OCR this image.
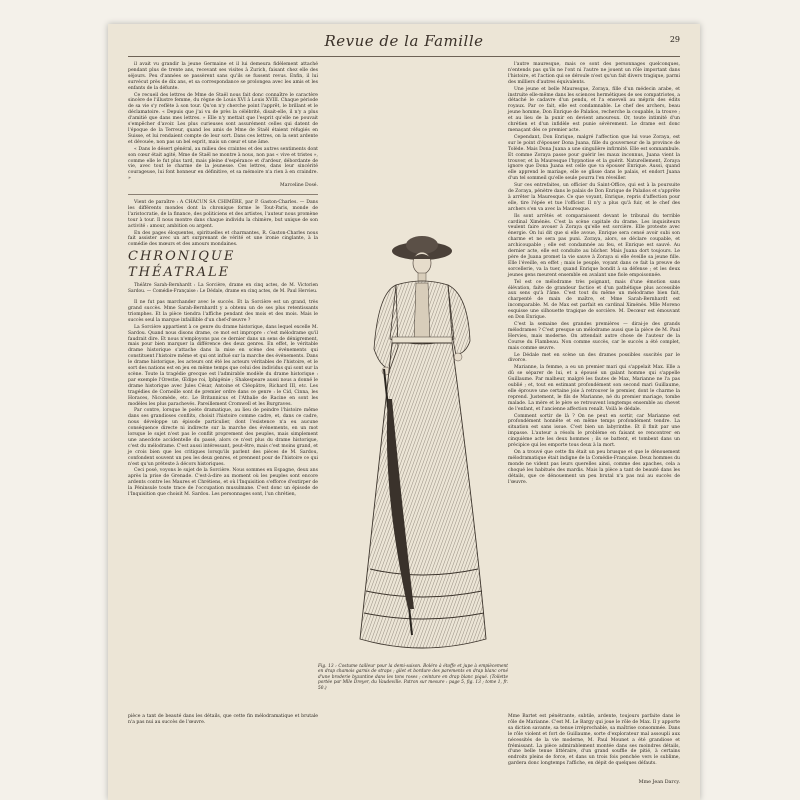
Revue de la Famille	29

il avait vu grandir la jeune Germaine et il lui demeura fidèlement attaché pendant plus de trente ans, recevant ses visites à Zurich, faisant chez elle des séjours. Peu d'années se passèrent sans qu'ils se fussent revus. Enfin, il lui survécut près de dix ans, et sa correspondance se prolongea avec les amis et les enfants de la défunte.

Ce recueil des lettres de Mme de Staël nous fait donc connaître le caractère sincère de l'illustre femme, du règne de Louis XVI à Louis XVIII. Chaque période de sa vie s'y reflète à son tour. Qu'on n'y cherche point l'apprêt, le brillant et le déclamatoire. « Depuis que j'ai vu de près la célébrité, disait-elle, il n'y a plus d'amitié que dans mes lettres. » Elle n'y mettait que l'esprit qu'elle ne pouvait s'empêcher d'avoir. Les plus curieuses sont assurément celles qui datent de l'époque de la Terreur, quand les amis de Mme de Staël étaient réfugiés en Suisse, et lui rendaient compte de leur sort. Dans ces lettres, on la sent ardente et dévouée, non pas un bel esprit, mais un cœur et une âme.

« Dans le désert général, au milieu des craintes et des autres sentiments dont son cœur était agité, Mme de Staël ne montre à nous, non pas « vive et tristes », comme elle le fut plus tard, mais pleine d'espérance et d'ardeur, débordante de vie, avec tout le charme de la jeunesse. Ces lettres, dans leur sincérité courageuse, lui font honneur en définitive, et sa mémoire n'a rien à en craindre. »

Marceline Dosé.

Vient de paraître : A CHACUN SA CHIMÈRE, par P. Gaston-Charles. — Dans les différents mondes dont la chronique forme le Tout-Paris, monde de l'aristocratie, de la finance, des politiciens et des artistes, l'auteur nous promène tour à tour. Il nous montre dans chaque individu la chimère, but unique de son activité : amour, ambition ou argent.

En des pages éloquentes, spirituelles et charmantes, R. Gaston-Charles nous fait assister avec un art surprenant de vérité et une ironie cinglante, à la comédie des mœurs et des amours mondaines.

CHRONIQUE THÉATRALE

Théâtre Sarah-Bernhardt : La Sorcière, drame en cinq actes, de M. Victorien Sardou. — Comédie-Française : Le Dédale, drame en cinq actes, de M. Paul Hervieu.

Il ne fut pas marchander avec le succès. Et la Sorcière est un grand, très grand succès. Mme Sarah-Bernhardt y a obtenu un de ses plus retentissants triomphes. Et la pièce tiendra l'affiche pendant des mois et des mois. Mais le succès seul la marque infaillible d'un chef-d'œuvre ?

La Sorcière appartient à ce genre du drame historique, dans lequel excelle M. Sardou. Quand nous disons drame, ce mot est impropre : c'est mélodrame qu'il faudrait dire. Et nous n'employons pas ce dernier dans un sens de dénigrement, mais pour bien marquer la différence des deux genres. En effet, le véritable drame historique s'attache dans la mise en scène des événements qui constituent l'histoire même et qui ont influé sur la marche des événements. Dans le drame historique, les acteurs ont été les acteurs véritables de l'histoire, et le sort des nations est en jeu en même temps que celui des individus qui sont sur la scène. Toute la tragédie grecque est l'admirable modèle du drame historique : par exemple l'Orestie, Œdipe roi, Iphigénie ; Shakespeare aussi nous a donné le drame historique avec Jules César, Antoine et Cléopâtre, Richard III, etc. Les tragédies de Corneille sont de premier ordre dans ce genre : le Cid, Cinna, les Horaces, Nicomède, etc. Le Britannicus et l'Athalie de Racine en sont les modèles les plus parachevés. Pareillement Cromwell et les Burgraves.

Par contre, lorsque le poète dramatique, au lieu de peindre l'histoire même dans ses grandioses conflits, choisit l'histoire comme cadre, et, dans ce cadre, nous développe un épisode particulier, dont l'existence n'a eu aucune conséquence directe ni indirecte sur la marche des événements, en un mot lorsque le sujet n'est pas le conflit proprement des peuples, mais simplement une anecdote accidentelle du passé, alors ce n'est plus du drame historique, c'est du mélodrame. C'est aussi intéressant, peut-être, mais c'est moins grand, et je crois bien que les critiques lorsqu'ils parlent des pièces de M. Sardou, confondent souvent un peu les deux genres, et prennent pour de l'histoire ce qui n'est qu'un prétexte à décors historiques.

Ceci posé, voyons le sujet de la Sorcière. Nous sommes en Espagne, deux ans après la prise de Grenade. C'est-à-dire au moment où les peuples sont encore ardents contre les Maures et Chrétiens, et où l'Inquisition s'efforce d'extirper de la Péninsule toute trace de l'occupation musulmane. C'est donc un épisode de l'Inquisition que choisit M. Sardou. Les personnages sont, l'un chrétien,

l'autre mauresque, mais ce sont des personnages quelconques, n'entends pas qu'ils ne l'ont ni l'autre ne jouent un rôle important dans l'histoire, et l'action qui se déroule n'est qu'un fait divers tragique, parmi des milliers d'autres équivalents.

Une jeune et belle Mauresque, Zoraya, fille d'un médecin arabe, et instruite elle-même dans les sciences hermétiques de ses compatriotes, a détaché le cadavre d'un pendu, et l'a enseveli au mépris des édits royaux. Par ce fait, elle est condamnable. Le chef des archers, beau jeune homme, Don Enrique de Palaños, recherche la coupable, la trouve ; et au lieu de la punir en devient amoureux. Or, toute intimité d'un chrétien et d'un infidèle est punie sévèrement. Le drame est donc menaçant dès ce premier acte.

Cependant, Don Enrique, malgré l'affection que lui voue Zoraya, est sur le point d'épouser Dona Juana, fille du gouverneur de la province de Tolède. Mais Dona Juana a une singulière infirmité. Elle est somnambule. Et comme Zoraya passe pour guérir les maux inconnus, Juana vient la trouver, et la Mauresque l'hypnotise et la guérit. Naturellement, Zoraya ignore que Dona Juana est celle que va épouser Enrique. Aussi, quand elle apprend le mariage, elle se glisse dans le palais, et endort Juana d'un tel sommeil qu'elle seule pourra l'en réveiller.

Sur ces entrefaites, un officier du Saint-Office, qui est à la poursuite de Zoraya, pénètre dans le palais de Don Enrique de Palaños et s'apprête à arrêter la Mauresque. Ce que voyant, Enrique, repris d'affection pour elle, tire l'épée et tue l'officier. Il n'y a plus qu'à fuir, et le chef des archers s'en va avec la Mauresque.

Ils sont arrêtés et comparaissent devant le tribunal du terrible cardinal Ximénès. C'est la scène capitale du drame. Les inquisiteurs veulent faire avouer à Zoraya qu'elle est sorcière. Elle proteste avec énergie. On lui dit que si elle avoue, Enrique sera censé avoir subi son charme et ne sera pas puni. Zoraya, alors, se déclare coupable, et archicoupable ; elle est condamnée au feu, et Enrique est sauvé. Au dernier acte, elle est conduite au bûcher. Mais Juana dort toujours. Le père de Juana promet la vie sauve à Zoraya si elle éveille sa jeune fille. Elle l'éveille, en effet ; mais le peuple, voyant dans ce fait la preuve de sorcellerie, va la tuer, quand Enrique bondit à sa défense ; et les deux jeunes gens meurent ensemble en avalant une fiole empoisonnée.

Tel est ce mélodrame très poignant, mais d'une émotion sans élévation, faite de grandeur factice et d'un pathétique plus accessible aux sens qu'à l'âme. C'est tout du même un mélodrame bien fait, charpenté de main de maître, et Mme Sarah-Bernhardt est incomparable. M. de Max est parfait en cardinal Ximénès. Mlle Moreno esquisse une silhouette tragique de sorcière. M. Decœur est émouvant en Don Enrique.

C'est la semaine des grandes premières — dirai-je des grands mélodrames ? C'est presque un mélodrame aussi que la pièce de M. Paul Hervieu, mais moderne. On attendait autre chose de l'auteur de la Course du Flambeau. Non comme succès, car le succès a été complet, mais comme œuvre.

Le Dédale met en scène un des drames possibles suscités par le divorce.

Marianne, la femme, a eu un premier mari qui s'appelait Max. Elle a dû se séparer de lui, et a épousé un galant homme qui s'appelle Guillaume. Par malheur, malgré les fautes de Max, Marianne ne l'a pas oublié ; et, tout en estimant profondément son second mari Guillaume, elle éprouve une certaine joie à retrouver le premier, dont le charme la reprend. Justement, le fils de Marianne, né du premier mariage, tombe malade. La mère et le père se retrouvent longtemps ensemble au chevet de l'enfant, et l'ancienne affection renaît. Voilà le dédale.

Comment sortir de là ? On ne peut en sortir, car Marianne est profondément honnête et en même temps profondément tendre. La situation est sans issue. C'est bien un labyrinthe. Et il finit par une impasse. L'auteur a résolu le problème en faisant se rencontrer en cinquième acte les deux hommes ; ils se battent, et tombent dans un précipice qui les emporte tous deux à la mort.

On a trouvé que cette fin était un peu brusque et que le dénouement mélodramatique était indigne de la Comédie-Française. Deux hommes du monde ne vident pas leurs querelles ainsi, comme des apaches, cela a choqué les habitués des mardis. Mais la pièce a tant de beauté dans les détails, que ce dénouement un peu brutal n'a pas nui au succès de l'œuvre.

Fig. 13 : Costume tailleur pour la demi-saison. Boléro à étoffe et jupe à empiècement en drap chamois garnis de straps ; gilet et bordure des parements en drap blanc orné d'une broderie byzantine dans les tons roses ; ceinture en drap blanc piqué. (Toilette portée par Mlle Dreyer, du Vaudeville. Patron sur mesure : page 5, fig. 13 ; tome 1, fr. 50.)
pièce a tant de beauté dans les détails, que cette fin mélodramatique et brutale n'a pas nui au succès de l'œuvre.
Mme Bartet est pénétrante, subtile, ardente, toujours parfaite dans le rôle de Marianne. C'est M. Le Bargy qui joue le rôle de Max. Il y apporte sa diction savante, sa tenue irréprochable, sa maîtrise consommée. Dans le rôle violent et fort de Guillaume, sorte d'explorateur mal assoupli aux nécessités de la vie moderne, M. Paul Mounet a été grandiose et frémissant. La pièce admirablement montée dans ses moindres détails, d'une belle tenue littéraire, d'un grand souffle de pitié, à certains endroits pleins de force, et dans un trois fois penchée vers le sublime, gardera donc longtemps l'affiche, en dépit de quelques défauts.
Mme Jean Darcy.
